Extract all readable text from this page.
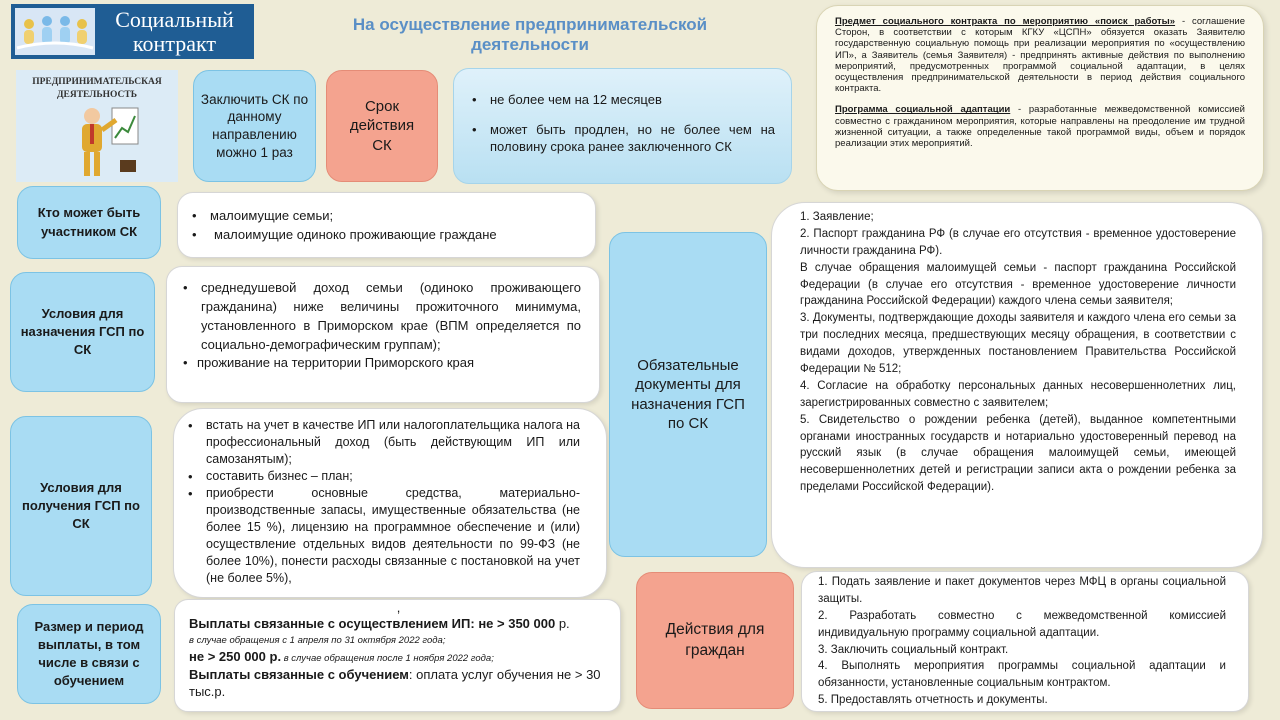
Социальный
контракт
На осуществление предпринимательской деятельности
ПРЕДПРИНИМАТЕЛЬСКАЯ
ДЕЯТЕЛЬНОСТЬ	Заключить СК по данному направлению можно 1 раз
Срок действия СК
• не более чем на 12 месяцев
• может быть продлен, но не более чем на половину срока ранее заключенного СК

Предмет социального контракта по мероприятию «поиск работы» - соглашение Сторон, в соответствии с которым КГКУ «ЦСПН» обязуется оказать Заявителю государственную социальную помощь при реализации мероприятия по «осуществлению ИП», а Заявитель (семья Заявителя) - предпринять активные действия по выполнению мероприятий, предусмотренных программой социальной адаптации, в целях осуществления предпринимательской деятельности в период действия социального контракта.

Программа социальной адаптации - разработанные межведомственной комиссией совместно с гражданином мероприятия, которые направлены на преодоление им трудной жизненной ситуации, а также определенные такой программой виды, объем и порядок реализации этих мероприятий.

Кто может быть участником СК
• малоимущие семьи;
• малоимущие одиноко проживающие граждане
Условия для назначения ГСП по СК
• среднедушевой доход семьи (одиноко проживающего гражданина) ниже величины прожиточного минимума, установленного в Приморском крае (ВПМ определяется по социально-демографическим группам);
• проживание на территории Приморского края
Условия для получения ГСП по СК
• встать на учет в качестве ИП или налогоплательщика налога на профессиональный доход (быть действующим ИП или самозанятым);
• составить бизнес – план;
• приобрести основные средства, материально-производственные запасы, имущественные обязательства (не более 15 %), лицензию на программное обеспечение и (или) осуществление отдельных видов деятельности по 99-ФЗ (не более 10%), понести расходы связанные с постановкой на учет (не более 5%),
Размер и период выплаты, в том числе в связи с обучением
,
Выплаты связанные с осуществлением ИП: не > 350 000 р.
в случае обращения с 1 апреля по 31 октября 2022 года;
не > 250 000 р. в случае обращения после 1 ноября 2022 года;
Выплаты связанные с обучением: оплата услуг обучения не > 30 тыс.р.
Обязательные документы для назначения ГСП по СК

1. Заявление;

2. Паспорт гражданина РФ (в случае его отсутствия - временное удостоверение личности гражданина РФ).

В случае обращения малоимущей семьи - паспорт гражданина Российской Федерации (в случае его отсутствия - временное удостоверение личности гражданина Российской Федерации) каждого члена семьи заявителя;

3. Документы, подтверждающие доходы заявителя и каждого члена его семьи за три последних месяца, предшествующих месяцу обращения, в соответствии с видами доходов, утвержденных постановлением Правительства Российской Федерации № 512;

4. Согласие на обработку персональных данных несовершеннолетних лиц, зарегистрированных совместно с заявителем;

5. Свидетельство о рождении ребенка (детей), выданное компетентными органами иностранных государств и нотариально удостоверенный перевод на русский язык (в случае обращения малоимущей семьи, имеющей несовершеннолетних детей и регистрации записи акта о рождении ребенка за пределами Российской Федерации).

Действия для граждан

1. Подать заявление и пакет документов через МФЦ в органы социальной защиты.

2. Разработать совместно с межведомственной комиссией индивидуальную программу социальной адаптации.

3. Заключить социальный контракт.

4. Выполнять мероприятия программы социальной адаптации и обязанности, установленные социальным контрактом.

5. Предоставлять отчетность и документы.
